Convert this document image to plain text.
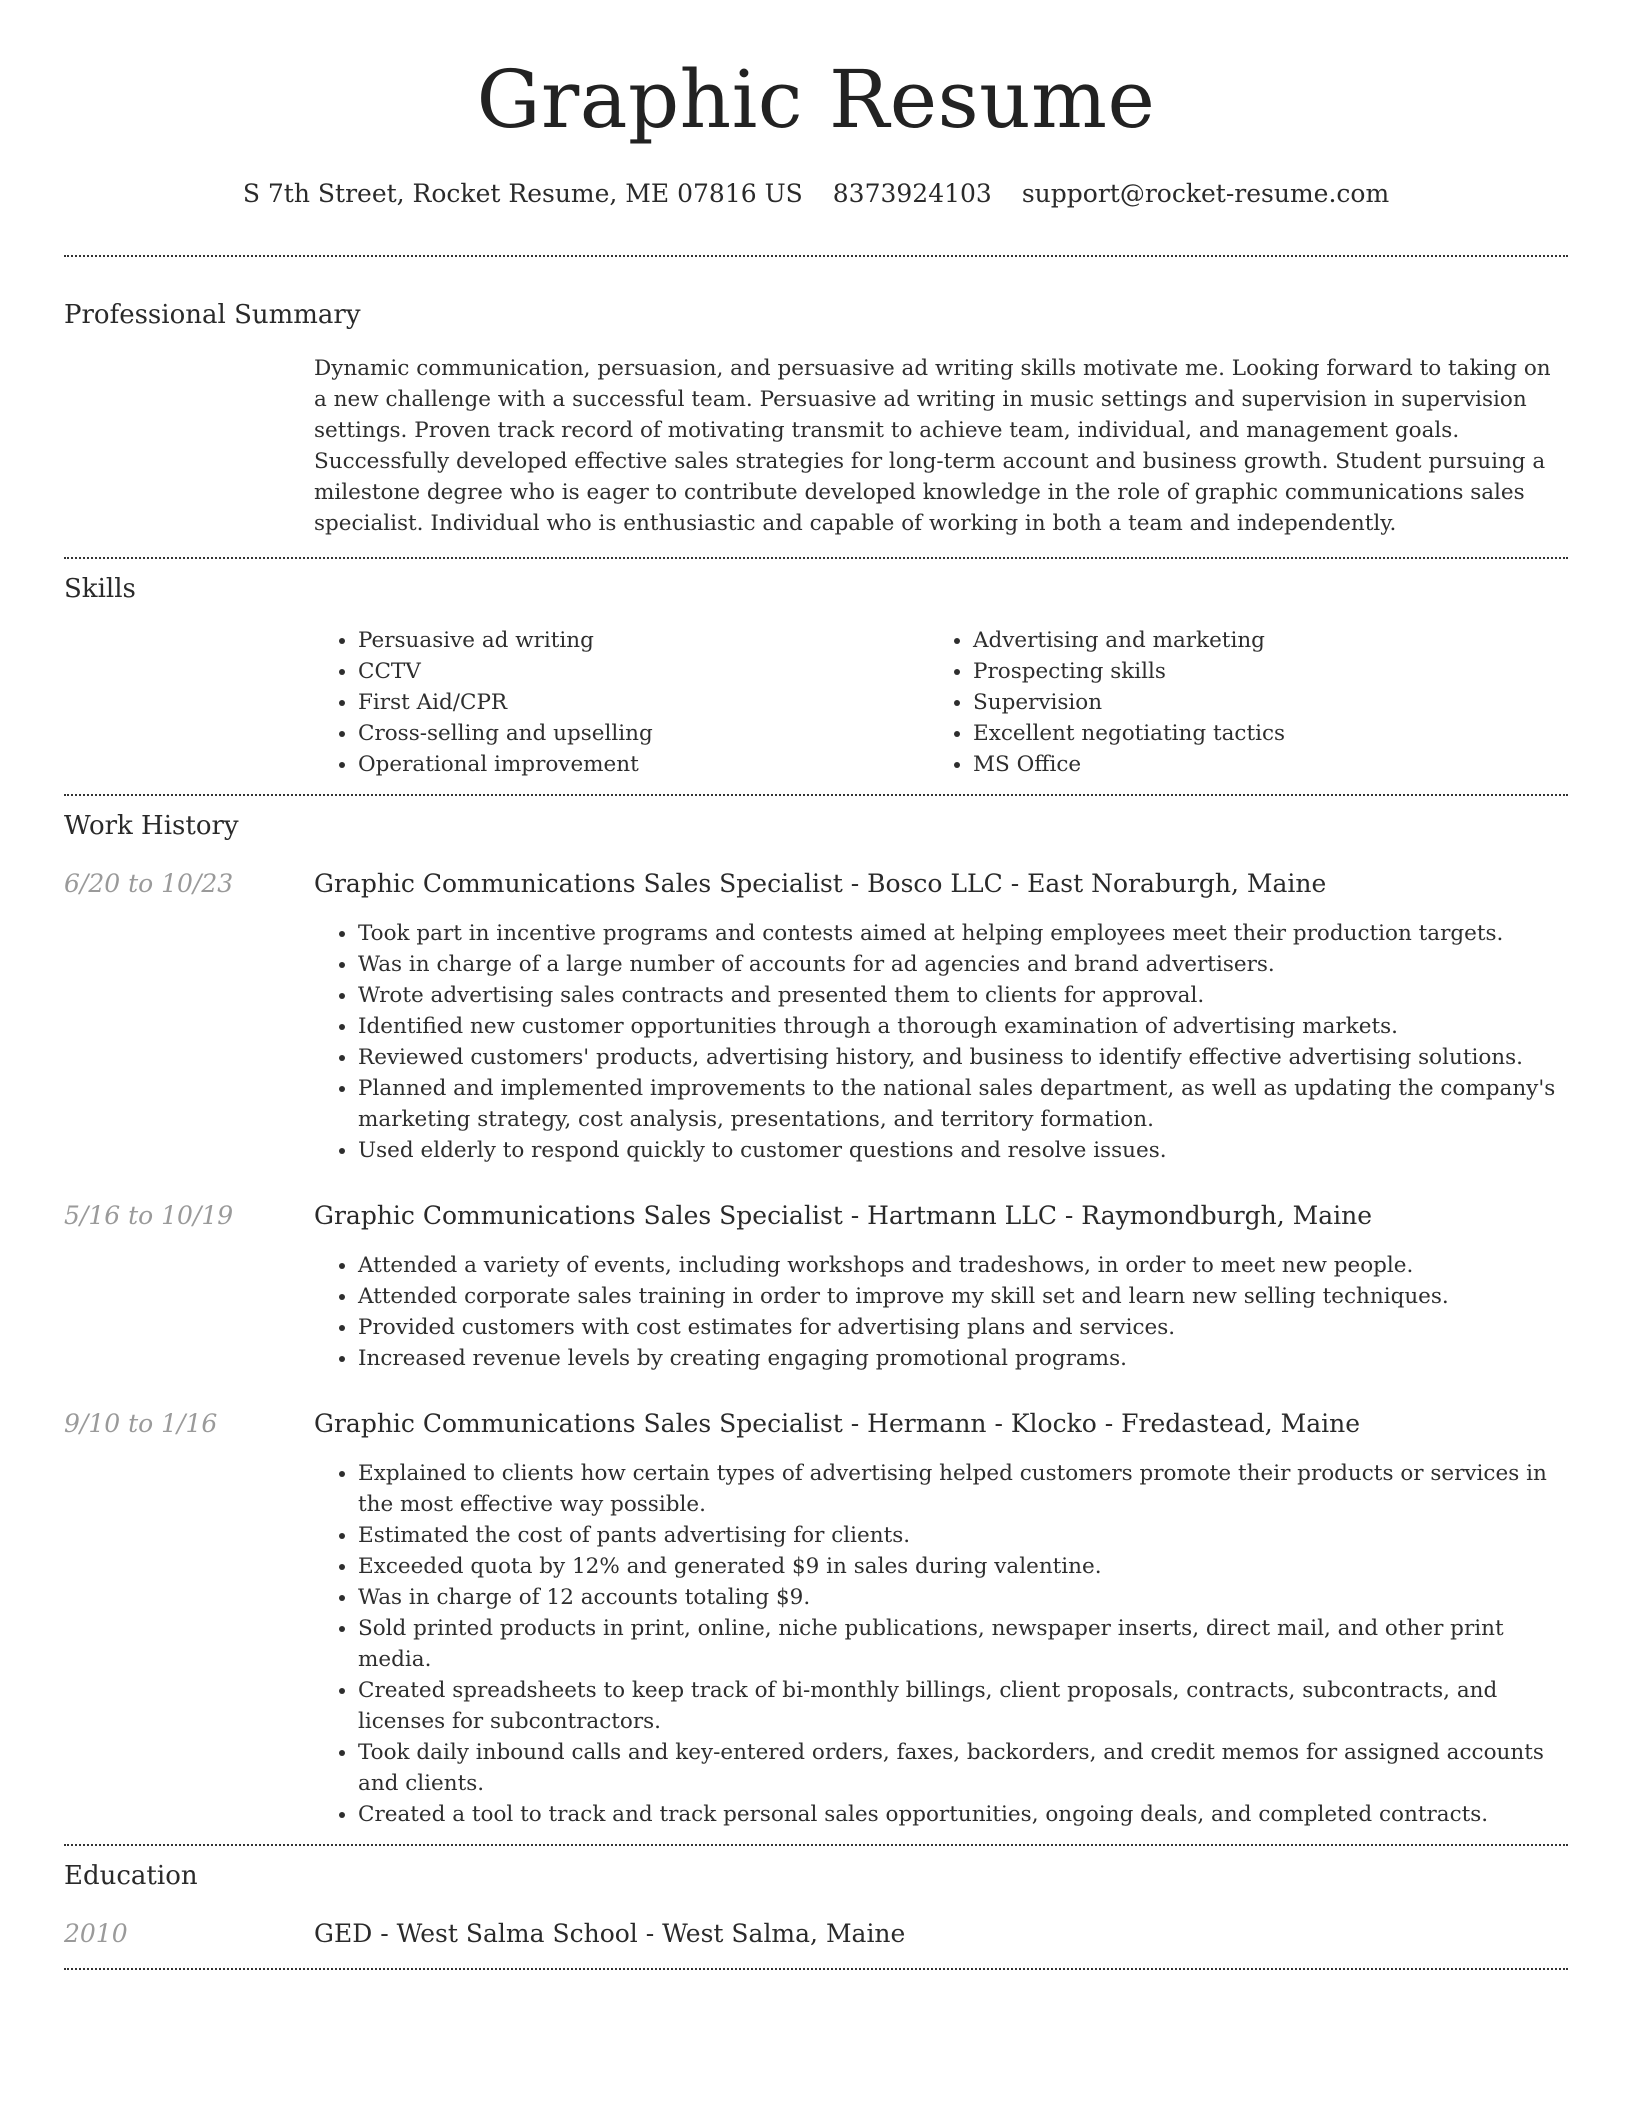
Graphic Resume
S 7th Street, Rocket Resume, ME 07816 US 8373924103 support@rocket-resume.com
Professional Summary
Dynamic communication, persuasion, and persuasive ad writing skills motivate me. Looking forward to taking on a new challenge with a successful team. Persuasive ad writing in music settings and supervision in supervision settings. Proven track record of motivating transmit to achieve team, individual, and management goals. Successfully developed effective sales strategies for long-term account and business growth. Student pursuing a milestone degree who is eager to contribute developed knowledge in the role of graphic communications sales specialist. Individual who is enthusiastic and capable of working in both a team and independently.
Skills
• Persuasive ad writing
• CCTV
• First Aid/CPR
• Cross-selling and upselling
• Operational improvement
• Advertising and marketing
• Prospecting skills
• Supervision
• Excellent negotiating tactics
• MS Office
Work History
6/20 to 10/23	Graphic Communications Sales Specialist - Bosco LLC - East Noraburgh, Maine
• Took part in incentive programs and contests aimed at helping employees meet their production targets.
• Was in charge of a large number of accounts for ad agencies and brand advertisers.
• Wrote advertising sales contracts and presented them to clients for approval.
• Identified new customer opportunities through a thorough examination of advertising markets.
• Reviewed customers' products, advertising history, and business to identify effective advertising solutions.
• Planned and implemented improvements to the national sales department, as well as updating the company's marketing strategy, cost analysis, presentations, and territory formation.
• Used elderly to respond quickly to customer questions and resolve issues.
5/16 to 10/19	Graphic Communications Sales Specialist - Hartmann LLC - Raymondburgh, Maine
• Attended a variety of events, including workshops and tradeshows, in order to meet new people.
• Attended corporate sales training in order to improve my skill set and learn new selling techniques.
• Provided customers with cost estimates for advertising plans and services.
• Increased revenue levels by creating engaging promotional programs.
9/10 to 1/16	Graphic Communications Sales Specialist - Hermann - Klocko - Fredastead, Maine
• Explained to clients how certain types of advertising helped customers promote their products or services in the most effective way possible.
• Estimated the cost of pants advertising for clients.
• Exceeded quota by 12% and generated $9 in sales during valentine.
• Was in charge of 12 accounts totaling $9.
• Sold printed products in print, online, niche publications, newspaper inserts, direct mail, and other print media.
• Created spreadsheets to keep track of bi-monthly billings, client proposals, contracts, subcontracts, and licenses for subcontractors.
• Took daily inbound calls and key-entered orders, faxes, backorders, and credit memos for assigned accounts and clients.
• Created a tool to track and track personal sales opportunities, ongoing deals, and completed contracts.
Education
2010	GED - West Salma School - West Salma, Maine
